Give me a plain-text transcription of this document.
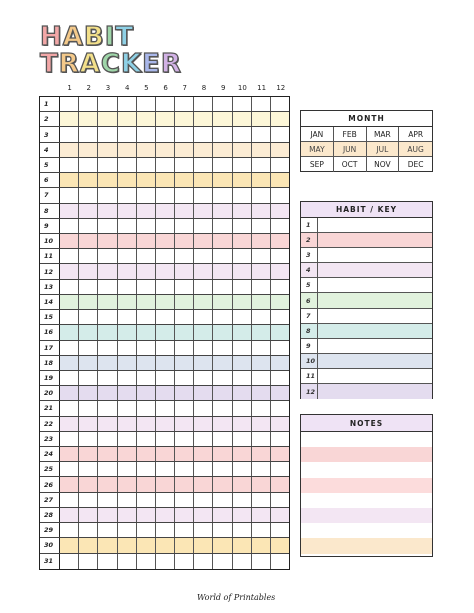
HABIT
TRACKER
1	2	3	4	5	6	7	8	9	10	11	12
1
2
3
4
5
6
7
8
9
10
11
12
13
14
15
16
17
18
19
20
21
22
23
24
25
26
27
28
29
30
31
MONTH
JAN	FEB	MAR	APR
MAY	JUN	JUL	AUG
SEP	OCT	NOV	DEC
HABIT / KEY
1
2
3
4
5
6
7
8
9
10
11
12
NOTES
World of Printables
